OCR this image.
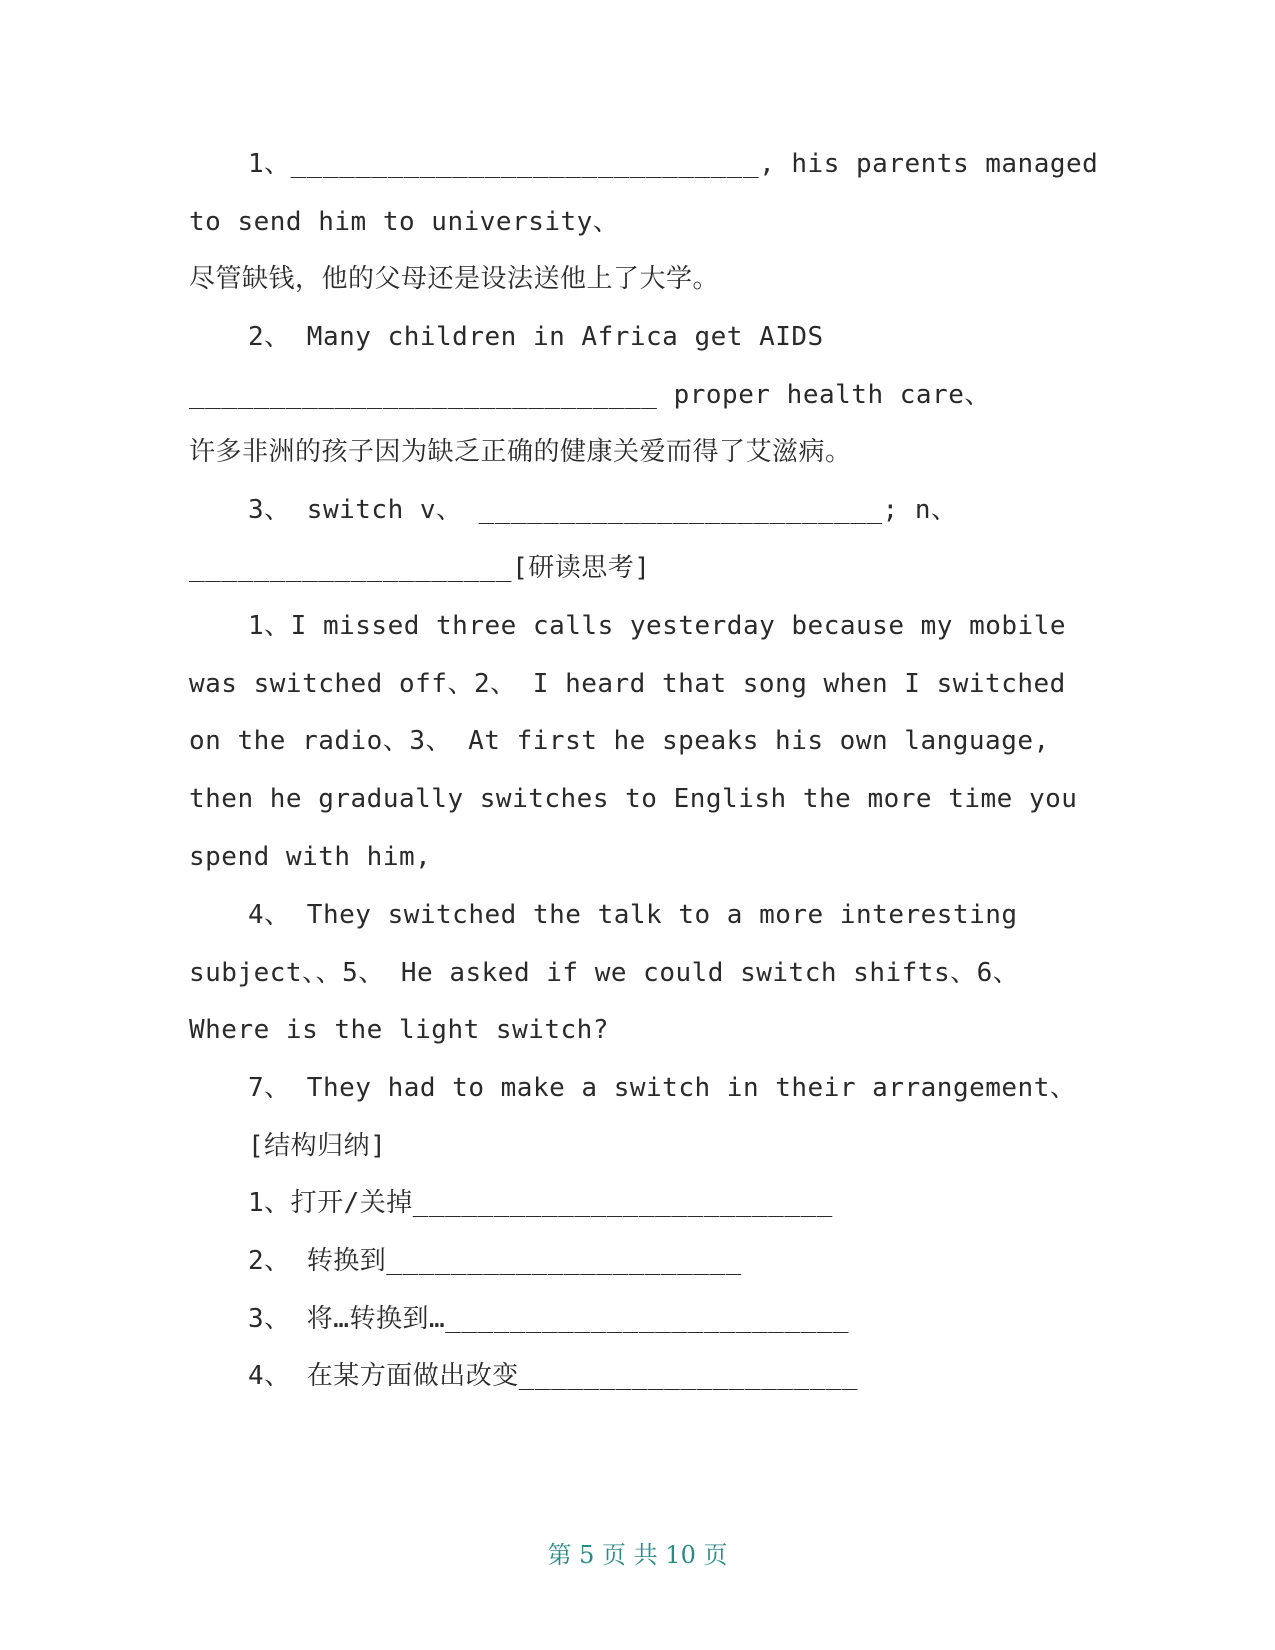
1、_____________________________, his parents managed

to send him to university、

尽管缺钱，他的父母还是设法送他上了大学。

2、 Many children in Africa get AIDS

_____________________________ proper health care、

许多非洲的孩子因为缺乏正确的健康关爱而得了艾滋病。

3、 switch v、 _________________________; n、

____________________[研读思考]

1、I missed three calls yesterday because my mobile

was switched off、2、 I heard that song when I switched

on the radio、3、 At first he speaks his own language,

then he gradually switches to English the more time you

spend with him,

4、 They switched the talk to a more interesting

subject、、5、 He asked if we could switch shifts、6、

Where is the light switch?

7、 They had to make a switch in their arrangement、

[结构归纳]

1、打开/关掉__________________________

2、 转换到______________________

3、 将…转换到…_________________________

4、 在某方面做出改变_____________________

第 5 页 共 10 页
